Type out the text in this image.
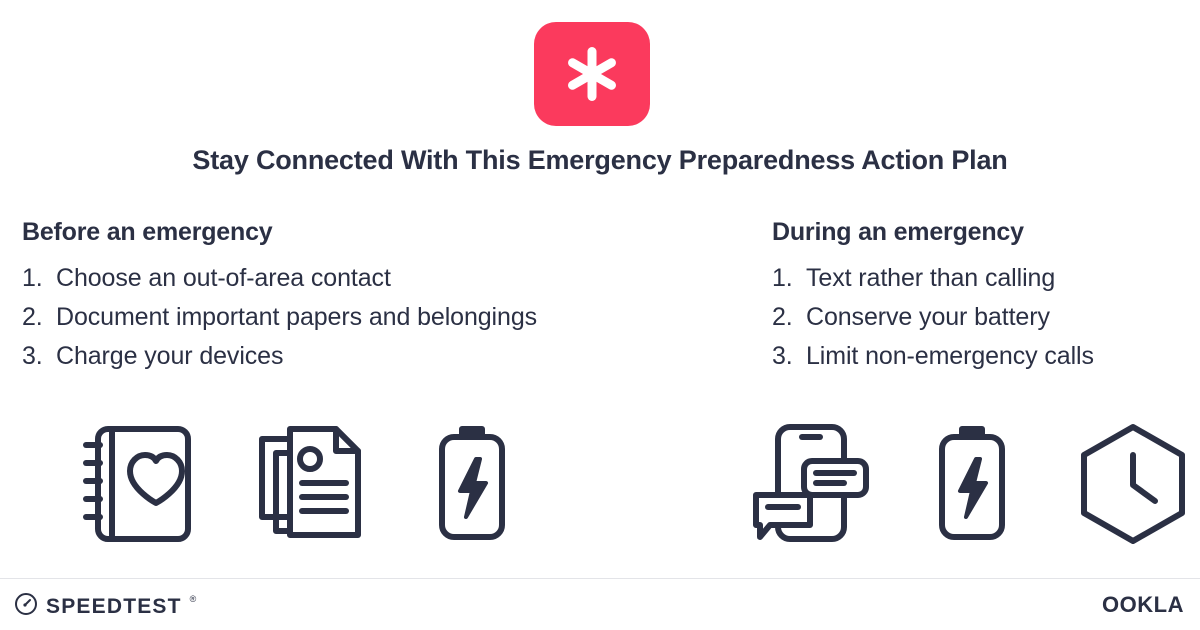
Stay Connected With This Emergency Preparedness Action Plan
Before an emergency
1. Choose an out-of-area contact
2. Document important papers and belongings
3. Charge your devices
During an emergency
1. Text rather than calling
2. Conserve your battery
3. Limit non-emergency calls
SPEEDTEST ®	OOKLA
